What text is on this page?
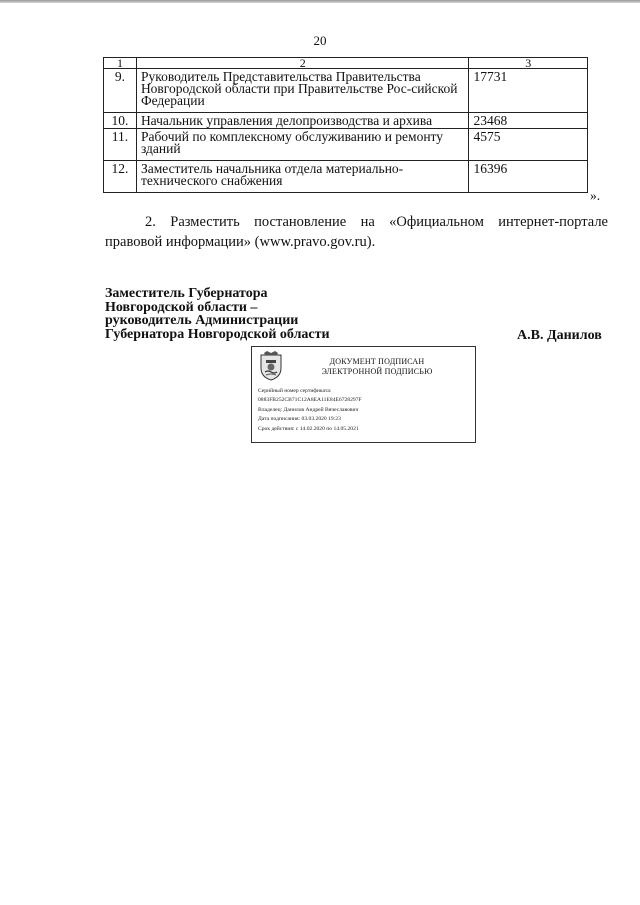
20
1	2	3
9.	Руководитель Представительства Правительства Новгородской области при Правительстве Рос-сийской Федерации	17731
10.	Начальник управления делопроизводства и архива	23468
11.	Рабочий по комплексному обслуживанию и ремонту зданий	4575
12.	Заместитель начальника отдела материально-технического снабжения	16396
».
2. Разместить постановление на «Официальном интернет-портале правовой информации» (www.pravo.gov.ru).
Заместитель Губернатора
Новгородской области –
руководитель Администрации
Губернатора Новгородской области	А.В. Данилов
ДОКУМЕНТ ПОДПИСАН
ЭЛЕКТРОННОЙ ПОДПИСЬЮ
Серийный номер сертификата:
0883FB252CB71C12A8EA11E84E6728297F
Владелец: Данилов Андрей Вячеславович
Дата подписания: 03.03.2020 19:23
Срок действия: с 14.02.2020 по 14.05.2021
